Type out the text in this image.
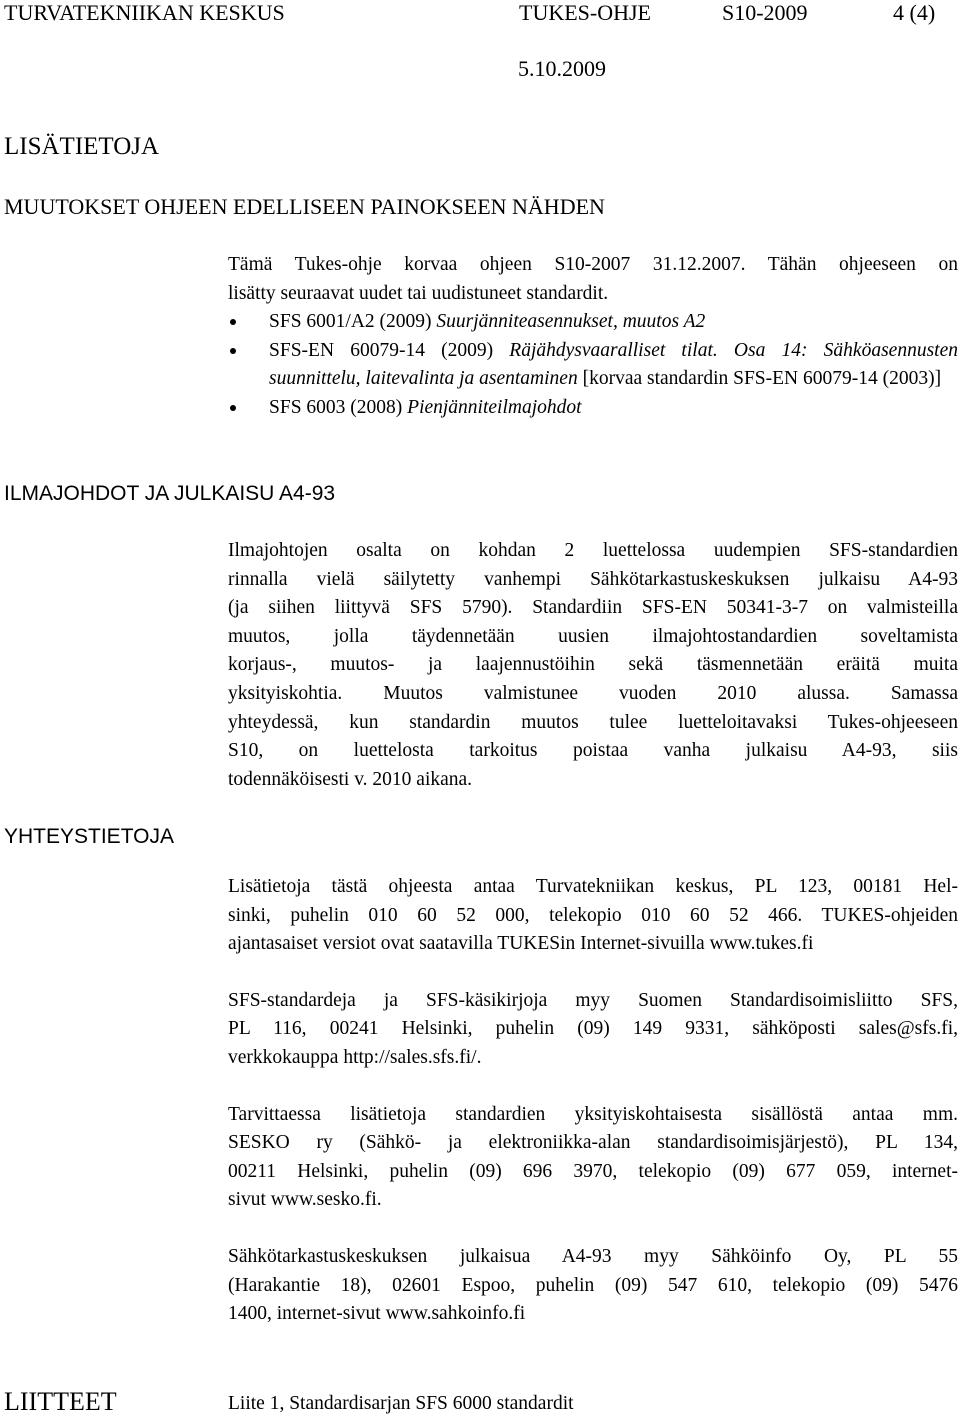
TURVATEKNIIKAN KESKUS	TUKES-OHJE	S10-2009	4 (4)
5.10.2009
LISÄTIETOJA
MUUTOKSET OHJEEN EDELLISEEN PAINOKSEEN NÄHDEN
Tämä Tukes-ohje korvaa ohjeen S10-2007 31.12.2007. Tähän ohjeeseen on
lisätty seuraavat uudet tai uudistuneet standardit.
SFS 6001/A2 (2009) Suurjänniteasennukset, muutos A2
SFS-EN 60079-14 (2009) Räjähdysvaaralliset tilat. Osa 14: Sähköasennusten suunnittelu, laitevalinta ja asentaminen [korvaa standardin SFS-EN 60079-14 (2003)]
SFS 6003 (2008) Pienjänniteilmajohdot
ILMAJOHDOT JA JULKAISU A4-93
Ilmajohtojen osalta on kohdan 2 luettelossa uudempien SFS-standardien
rinnalla vielä säilytetty vanhempi Sähkötarkastuskeskuksen julkaisu A4-93
(ja siihen liittyvä SFS 5790). Standardiin SFS-EN 50341-3-7 on valmisteilla
muutos, jolla täydennetään uusien ilmajohtostandardien soveltamista
korjaus-, muutos- ja laajennustöihin sekä täsmennetään eräitä muita
yksityiskohtia. Muutos valmistunee vuoden 2010 alussa. Samassa
yhteydessä, kun standardin muutos tulee luetteloitavaksi Tukes-ohjeeseen
S10, on luettelosta tarkoitus poistaa vanha julkaisu A4-93, siis
todennäköisesti v. 2010 aikana.
YHTEYSTIETOJA

Lisätietoja tästä ohjeesta antaa Turvatekniikan keskus, PL 123, 00181 Hel-
sinki, puhelin 010 60 52 000, telekopio 010 60 52 466. TUKES-ohjeiden
ajantasaiset versiot ovat saatavilla TUKESin Internet-sivuilla www.tukes.fi

SFS-standardeja ja SFS-käsikirjoja myy Suomen Standardisoimisliitto SFS,
PL 116, 00241 Helsinki, puhelin (09) 149 9331, sähköposti sales@sfs.fi,
verkkokauppa http://sales.sfs.fi/.

Tarvittaessa lisätietoja standardien yksityiskohtaisesta sisällöstä antaa mm.
SESKO ry (Sähkö- ja elektroniikka-alan standardisoimisjärjestö), PL 134,
00211 Helsinki, puhelin (09) 696 3970, telekopio (09) 677 059, internet-
sivut www.sesko.fi.

Sähkötarkastuskeskuksen julkaisua A4-93 myy Sähköinfo Oy, PL 55
(Harakantie 18), 02601 Espoo, puhelin (09) 547 610, telekopio (09) 5476
1400, internet-sivut www.sahkoinfo.fi

LIITTEET	Liite 1, Standardisarjan SFS 6000 standardit
